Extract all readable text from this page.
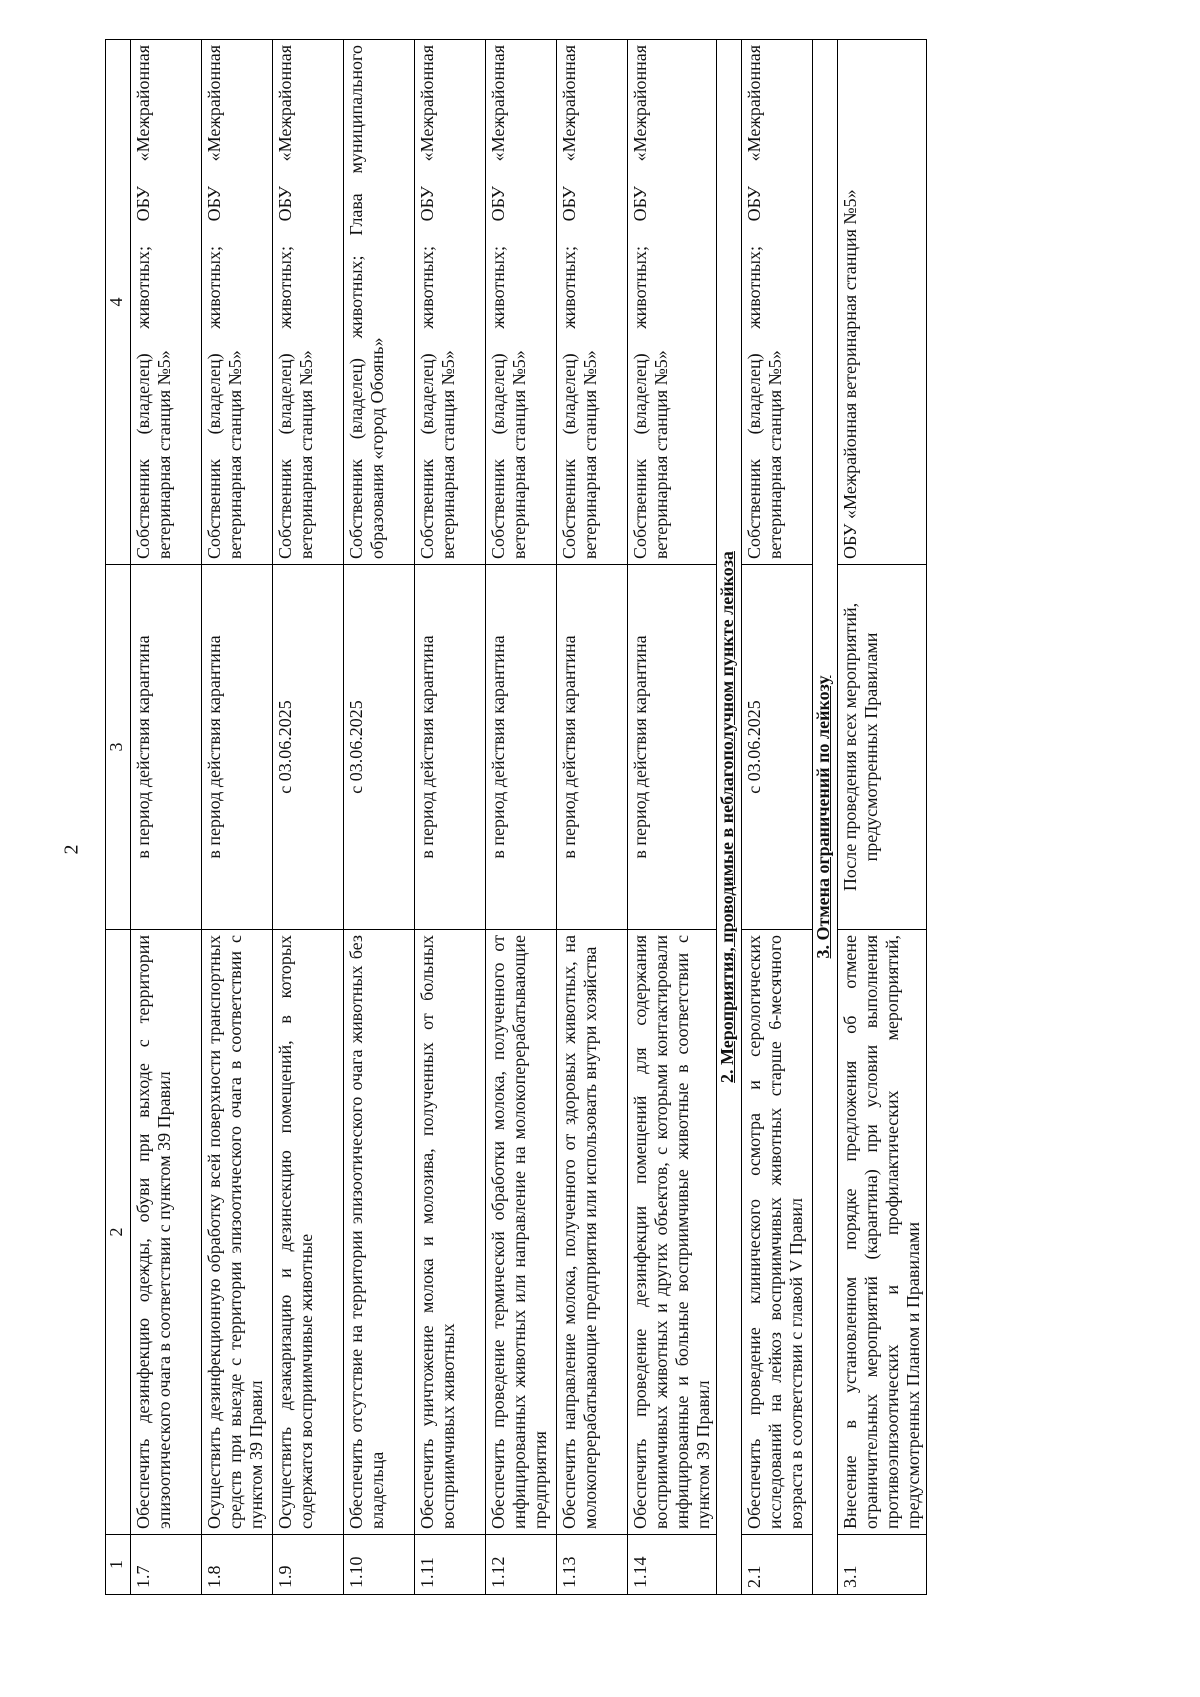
2
1	2	3	4
1.7	Обеспечить дезинфекцию одежды, обуви при выходе с территории эпизоотического очага в соответствии с пунктом 39 Правил	в период действия карантина	Собственник (владелец) животных; ОБУ «Межрайонная ветеринарная станция №5»
1.8	Осуществить дезинфекционную обработку всей поверхности транспортных средств при выезде с территории эпизоотического очага в соответствии с пунктом 39 Правил	в период действия карантина	Собственник (владелец) животных; ОБУ «Межрайонная ветеринарная станция №5»
1.9	Осуществить дезакаризацию и дезинсекцию помещений, в которых содержатся восприимчивые животные	с 03.06.2025	Собственник (владелец) животных; ОБУ «Межрайонная ветеринарная станция №5»
1.10	Обеспечить отсутствие на территории эпизоотического очага животных без владельца	с 03.06.2025	Собственник (владелец) животных; Глава муниципального образования «город Обоянь»
1.11	Обеспечить уничтожение молока и молозива, полученных от больных восприимчивых животных	в период действия карантина	Собственник (владелец) животных; ОБУ «Межрайонная ветеринарная станция №5»
1.12	Обеспечить проведение термической обработки молока, полученного от инфицированных животных или направление на молокоперерабатывающие предприятия	в период действия карантина	Собственник (владелец) животных; ОБУ «Межрайонная ветеринарная станция №5»
1.13	Обеспечить направление молока, полученного от здоровых животных, на молокоперерабатывающие предприятия или использовать внутри хозяйства	в период действия карантина	Собственник (владелец) животных; ОБУ «Межрайонная ветеринарная станция №5»
1.14	Обеспечить проведение дезинфекции помещений для содержания восприимчивых животных и других объектов, с которыми контактировали инфицированные и больные восприимчивые животные в соответствии с пунктом 39 Правил	в период действия карантина	Собственник (владелец) животных; ОБУ «Межрайонная ветеринарная станция №5»
2. Мероприятия, проводимые в неблагополучном пункте лейкоза			
2.1	Обеспечить проведение клинического осмотра и серологических исследований на лейкоз восприимчивых животных старше 6-месячного возраста в соответствии с главой V Правил	с 03.06.2025	Собственник (владелец) животных; ОБУ «Межрайонная ветеринарная станция №5»
3. Отмена ограничений по лейкозу			
3.1	Внесение в установленном порядке предложения об отмене ограничительных мероприятий (карантина) при условии выполнения противоэпизоотических и профилактических мероприятий, предусмотренных Планом и Правилами	После проведения всех мероприятий, предусмотренных Правилами	ОБУ «Межрайонная ветеринарная станция №5»
